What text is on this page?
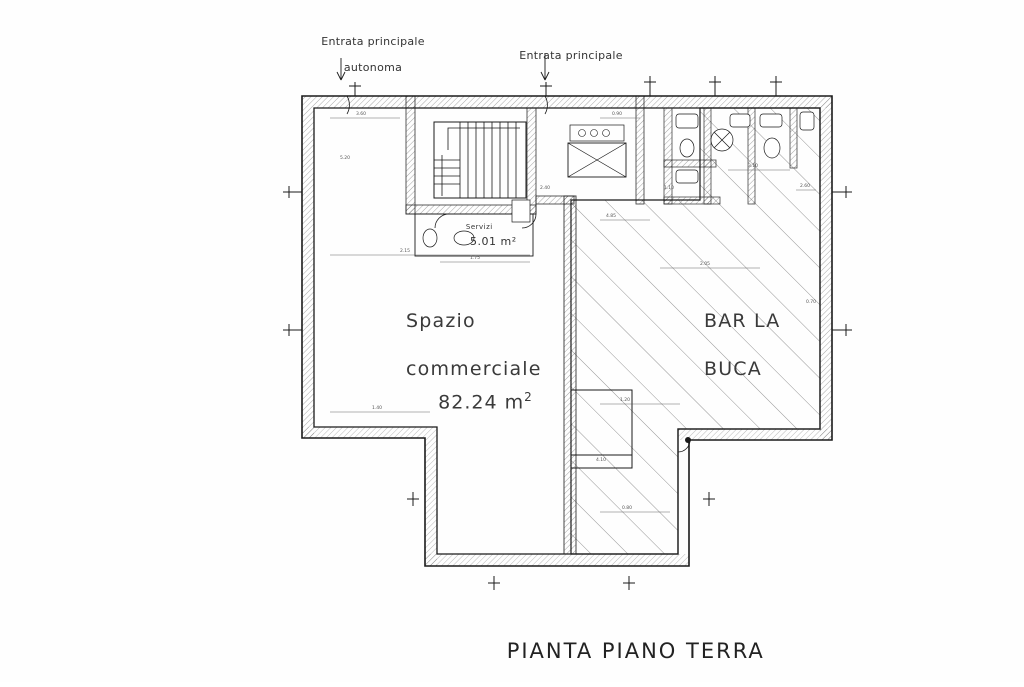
Entrata principale

autonoma

Entrata principale

Spazio

commerciale

82.24 $m^2$

BAR LA

BUCA

Servizi

5.01 m²

PIANTA PIANO TERRA

3.60
2.15
1.40
0.90
4.85
2.05
1.20
0.80
3.10
2.60
1.75
5.20
0.70
1.10
2.40
4.10
